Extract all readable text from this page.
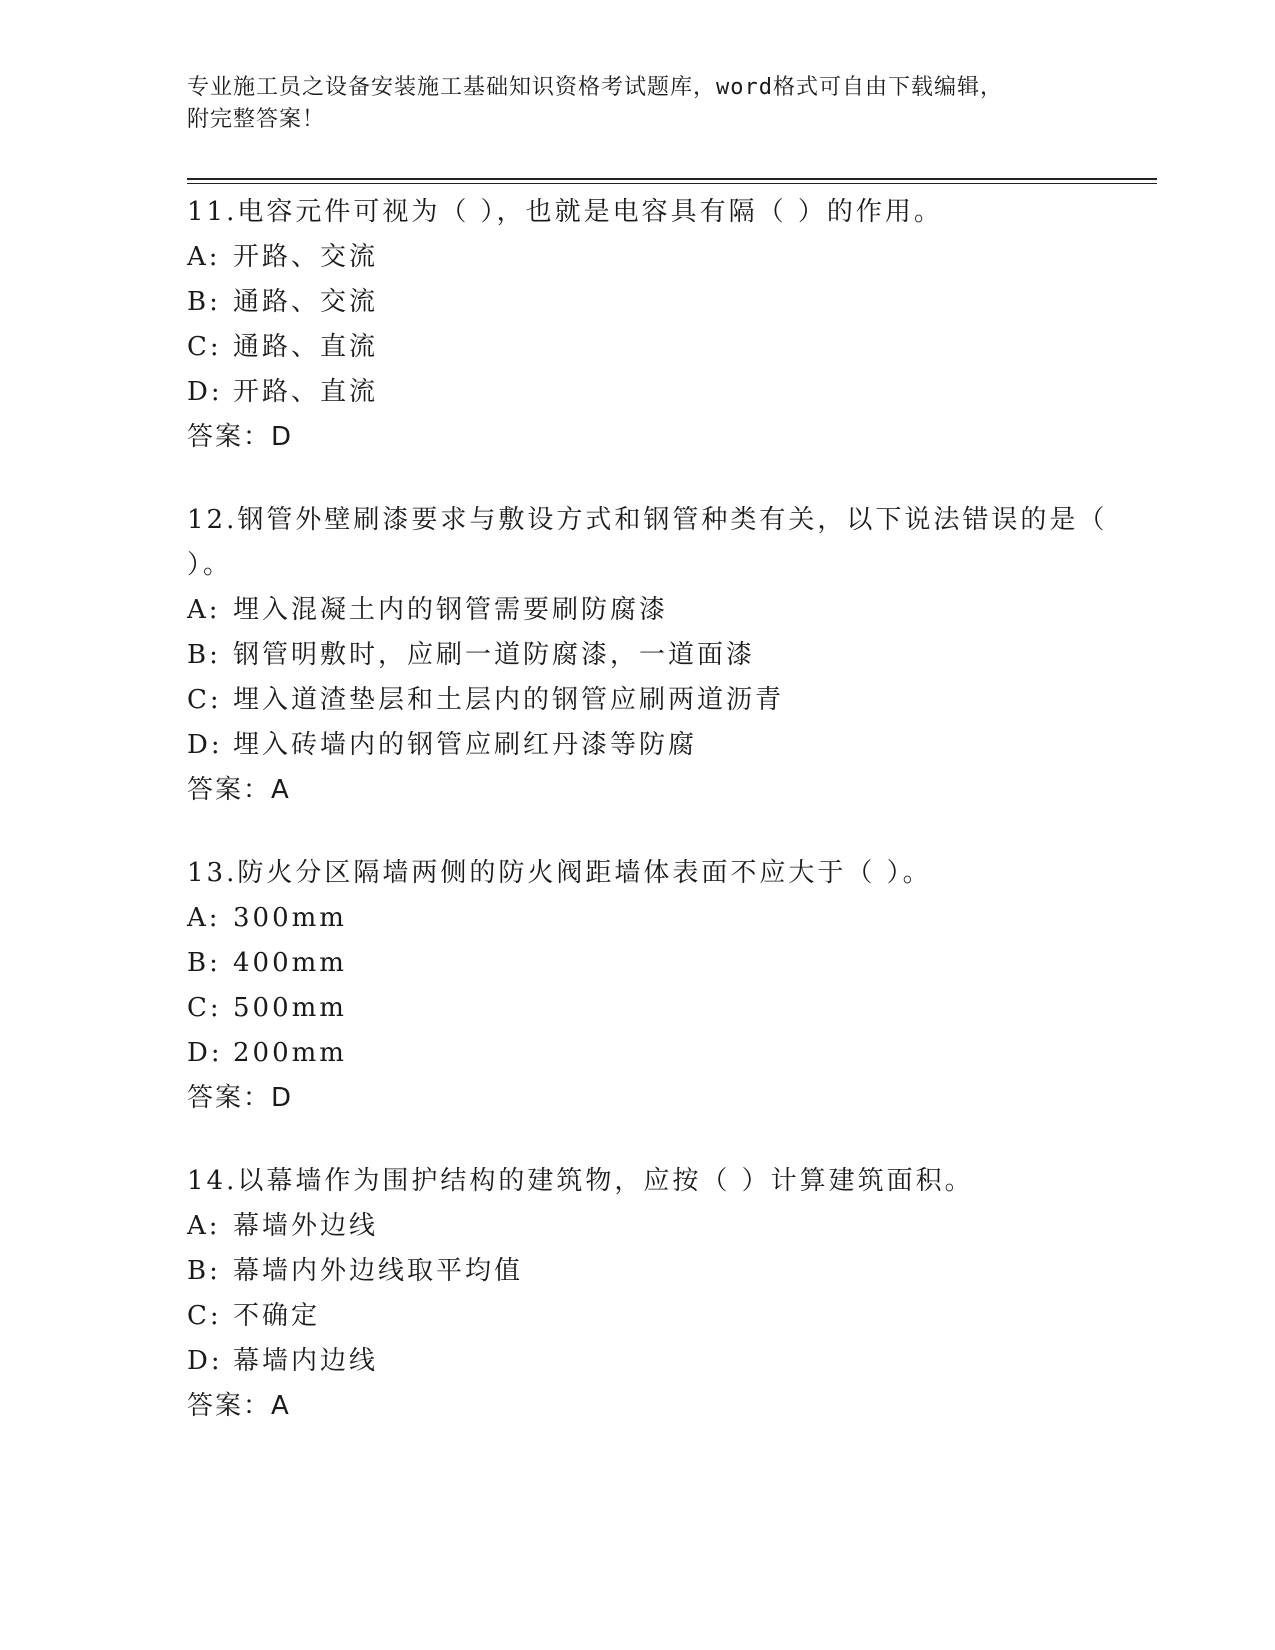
专业施工员之设备安装施工基础知识资格考试题库，word格式可自由下载编辑，
附完整答案！
11.电容元件可视为（ ），也就是电容具有隔（ ）的作用。
A: 开路、交流
B: 通路、交流
C: 通路、直流
D: 开路、直流
答案：D
12.钢管外壁刷漆要求与敷设方式和钢管种类有关，以下说法错误的是（ ）。
A: 埋入混凝土内的钢管需要刷防腐漆
B: 钢管明敷时，应刷一道防腐漆，一道面漆
C: 埋入道渣垫层和土层内的钢管应刷两道沥青
D: 埋入砖墙内的钢管应刷红丹漆等防腐
答案：A
13.防火分区隔墙两侧的防火阀距墙体表面不应大于（ ）。
A: 300mm
B: 400mm
C: 500mm
D: 200mm
答案：D
14.以幕墙作为围护结构的建筑物，应按（ ）计算建筑面积。
A: 幕墙外边线
B: 幕墙内外边线取平均值
C: 不确定
D: 幕墙内边线
答案：A
